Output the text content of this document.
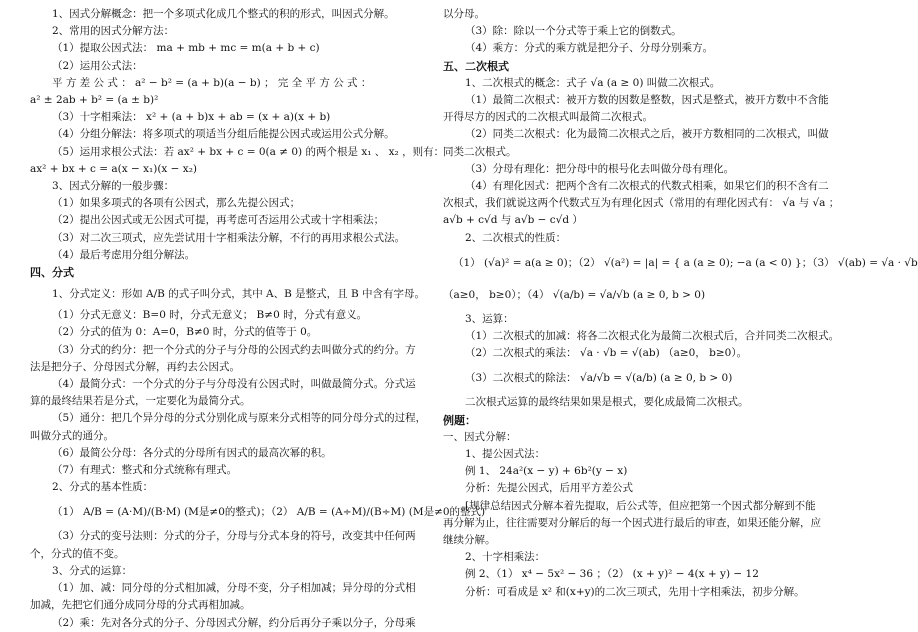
1、因式分解概念：把一个多项式化成几个整式的积的形式，叫因式分解。
2、常用的因式分解方法：
（1）提取公因式法： ma + mb + mc = m(a + b + c)
（2）运用公式法：
平 方 差 公 式 ： a² − b² = (a + b)(a − b) ； 完 全 平 方 公 式 ：
a² ± 2ab + b² = (a ± b)²
（3）十字相乘法： x² + (a + b)x + ab = (x + a)(x + b)
（4）分组分解法：将多项式的项适当分组后能提公因式或运用公式分解。
（5）运用求根公式法：若 ax² + bx + c = 0(a ≠ 0) 的两个根是 x₁ 、 x₂ ，则有：
ax² + bx + c = a(x − x₁)(x − x₂)
3、因式分解的一般步骤：
（1）如果多项式的各项有公因式，那么先提公因式；
（2）提出公因式或无公因式可提，再考虑可否运用公式或十字相乘法；
（3）对二次三项式，应先尝试用十字相乘法分解，不行的再用求根公式法。
（4）最后考虑用分组分解法。
四、分式
1、分式定义：形如 A/B 的式子叫分式，其中 A、B 是整式，且 B 中含有字母。
（1）分式无意义：B=0 时，分式无意义； B≠0 时，分式有意义。
（2）分式的值为 0：A=0，B≠0 时，分式的值等于 0。
（3）分式的约分：把一个分式的分子与分母的公因式约去叫做分式的约分。方
法是把分子、分母因式分解，再约去公因式。
（4）最简分式：一个分式的分子与分母没有公因式时，叫做最简分式。分式运
算的最终结果若是分式，一定要化为最简分式。
（5）通分：把几个异分母的分式分别化成与原来分式相等的同分母分式的过程，
叫做分式的通分。
（6）最简公分母：各分式的分母所有因式的最高次幂的积。
（7）有理式：整式和分式统称有理式。
2、分式的基本性质：
（1） A/B = (A·M)/(B·M) (M是≠0的整式)；（2） A/B = (A÷M)/(B÷M) (M是≠0的整式)
（3）分式的变号法则：分式的分子，分母与分式本身的符号，改变其中任何两
个，分式的值不变。
3、分式的运算：
（1）加、减：同分母的分式相加减，分母不变，分子相加减；异分母的分式相
加减，先把它们通分成同分母的分式再相加减。
（2）乘：先对各分式的分子、分母因式分解，约分后再分子乘以分子，分母乘
以分母。
（3）除：除以一个分式等于乘上它的倒数式。
（4）乘方：分式的乘方就是把分子、分母分别乘方。
五、二次根式
1、二次根式的概念：式子 √a (a ≥ 0) 叫做二次根式。
（1）最简二次根式：被开方数的因数是整数，因式是整式，被开方数中不含能
开得尽方的因式的二次根式叫最简二次根式。
（2）同类二次根式：化为最简二次根式之后，被开方数相同的二次根式，叫做
同类二次根式。
（3）分母有理化：把分母中的根号化去叫做分母有理化。
（4）有理化因式：把两个含有二次根式的代数式相乘，如果它们的积不含有二
次根式，我们就说这两个代数式互为有理化因式（常用的有理化因式有： √a 与 √a ；
a√b + c√d 与 a√b − c√d ）
2、二次根式的性质：
（1） (√a)² = a(a ≥ 0)；（2） √(a²) = |a| = { a (a ≥ 0); −a (a < 0) }；（3） √(ab) = √a · √b
（a≥0， b≥0）；（4） √(a/b) = √a/√b (a ≥ 0, b > 0)
3、运算：
（1）二次根式的加减：将各二次根式化为最简二次根式后，合并同类二次根式。
（2）二次根式的乘法： √a · √b = √(ab) （a≥0， b≥0）。
（3）二次根式的除法： √a/√b = √(a/b) (a ≥ 0, b > 0)
二次根式运算的最终结果如果是根式，要化成最简二次根式。
例题：
一、因式分解：
1、提公因式法：
例 1、 24a²(x − y) + 6b²(y − x)
分析：先提公因式，后用平方差公式
[规律总结因式分解本着先提取，后公式等，但应把第一个因式都分解到不能
再分解为止，往往需要对分解后的每一个因式进行最后的审查，如果还能分解，应
继续分解。
2、十字相乘法：
例 2、（1） x⁴ − 5x² − 36 ；（2） (x + y)² − 4(x + y) − 12
分析：可看成是 x² 和(x+y)的二次三项式，先用十字相乘法，初步分解。
